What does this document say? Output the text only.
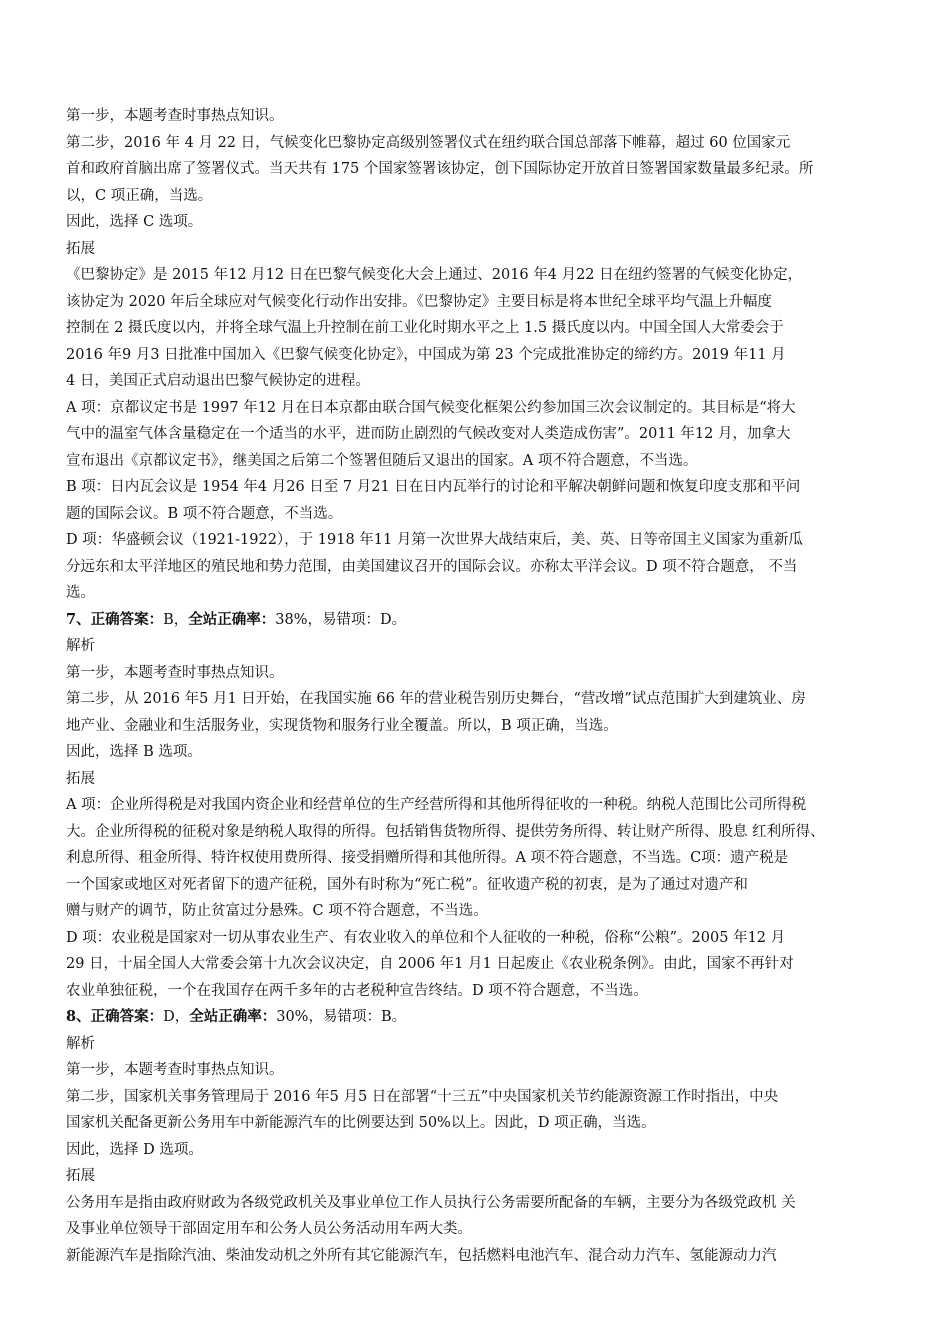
第一步，本题考查时事热点知识。

第二步，2016 年 4 月 22 日，气候变化巴黎协定高级别签署仪式在纽约联合国总部落下帷幕，超过 60 位国家元

首和政府首脑出席了签署仪式。当天共有 175 个国家签署该协定，创下国际协定开放首日签署国家数量最多纪录。所

以，C 项正确，当选。

因此，选择 C 选项。

拓展

《巴黎协定》是 2015 年12 月12 日在巴黎气候变化大会上通过、2016 年4 月22 日在纽约签署的气候变化协定，

该协定为 2020 年后全球应对气候变化行动作出安排。《巴黎协定》主要目标是将本世纪全球平均气温上升幅度

控制在 2 摄氏度以内，并将全球气温上升控制在前工业化时期水平之上 1.5 摄氏度以内。中国全国人大常委会于

2016 年9 月3 日批准中国加入《巴黎气候变化协定》，中国成为第 23 个完成批准协定的缔约方。2019 年11 月

4 日，美国正式启动退出巴黎气候协定的进程。

A 项：京都议定书是 1997 年12 月在日本京都由联合国气候变化框架公约参加国三次会议制定的。其目标是“将大

气中的温室气体含量稳定在一个适当的水平，进而防止剧烈的气候改变对人类造成伤害”。2011 年12 月，加拿大

宣布退出《京都议定书》，继美国之后第二个签署但随后又退出的国家。A 项不符合题意，不当选。

B 项：日内瓦会议是 1954 年4 月26 日至 7 月21 日在日内瓦举行的讨论和平解决朝鲜问题和恢复印度支那和平问

题的国际会议。B 项不符合题意，不当选。

D 项：华盛顿会议（1921-1922），于 1918 年11 月第一次世界大战结束后，美、英、日等帝国主义国家为重新瓜

分远东和太平洋地区的殖民地和势力范围，由美国建议召开的国际会议。亦称太平洋会议。D 项不符合题意， 不当

选。

7、正确答案：B，全站正确率：38%，易错项：D。

解析

第一步，本题考查时事热点知识。

第二步，从 2016 年5 月1 日开始，在我国实施 66 年的营业税告别历史舞台，“营改增”试点范围扩大到建筑业、房

地产业、金融业和生活服务业，实现货物和服务行业全覆盖。所以，B 项正确，当选。

因此，选择 B 选项。

拓展

A 项：企业所得税是对我国内资企业和经营单位的生产经营所得和其他所得征收的一种税。纳税人范围比公司所得税

大。企业所得税的征税对象是纳税人取得的所得。包括销售货物所得、提供劳务所得、转让财产所得、股息 红利所得、

利息所得、租金所得、特许权使用费所得、接受捐赠所得和其他所得。A 项不符合题意，不当选。C项：遗产税是

一个国家或地区对死者留下的遗产征税，国外有时称为“死亡税”。征收遗产税的初衷，是为了通过对遗产和

赠与财产的调节，防止贫富过分悬殊。C 项不符合题意，不当选。

D 项：农业税是国家对一切从事农业生产、有农业收入的单位和个人征收的一种税，俗称“公粮”。2005 年12 月

29 日，十届全国人大常委会第十九次会议决定，自 2006 年1 月1 日起废止《农业税条例》。由此，国家不再针对

农业单独征税，一个在我国存在两千多年的古老税种宣告终结。D 项不符合题意，不当选。

8、正确答案：D，全站正确率：30%，易错项：B。

解析

第一步，本题考查时事热点知识。

第二步，国家机关事务管理局于 2016 年5 月5 日在部署“十三五”中央国家机关节约能源资源工作时指出，中央

国家机关配备更新公务用车中新能源汽车的比例要达到 50%以上。因此，D 项正确，当选。

因此，选择 D 选项。

拓展

公务用车是指由政府财政为各级党政机关及事业单位工作人员执行公务需要所配备的车辆，主要分为各级党政机 关

及事业单位领导干部固定用车和公务人员公务活动用车两大类。

新能源汽车是指除汽油、柴油发动机之外所有其它能源汽车，包括燃料电池汽车、混合动力汽车、氢能源动力汽
